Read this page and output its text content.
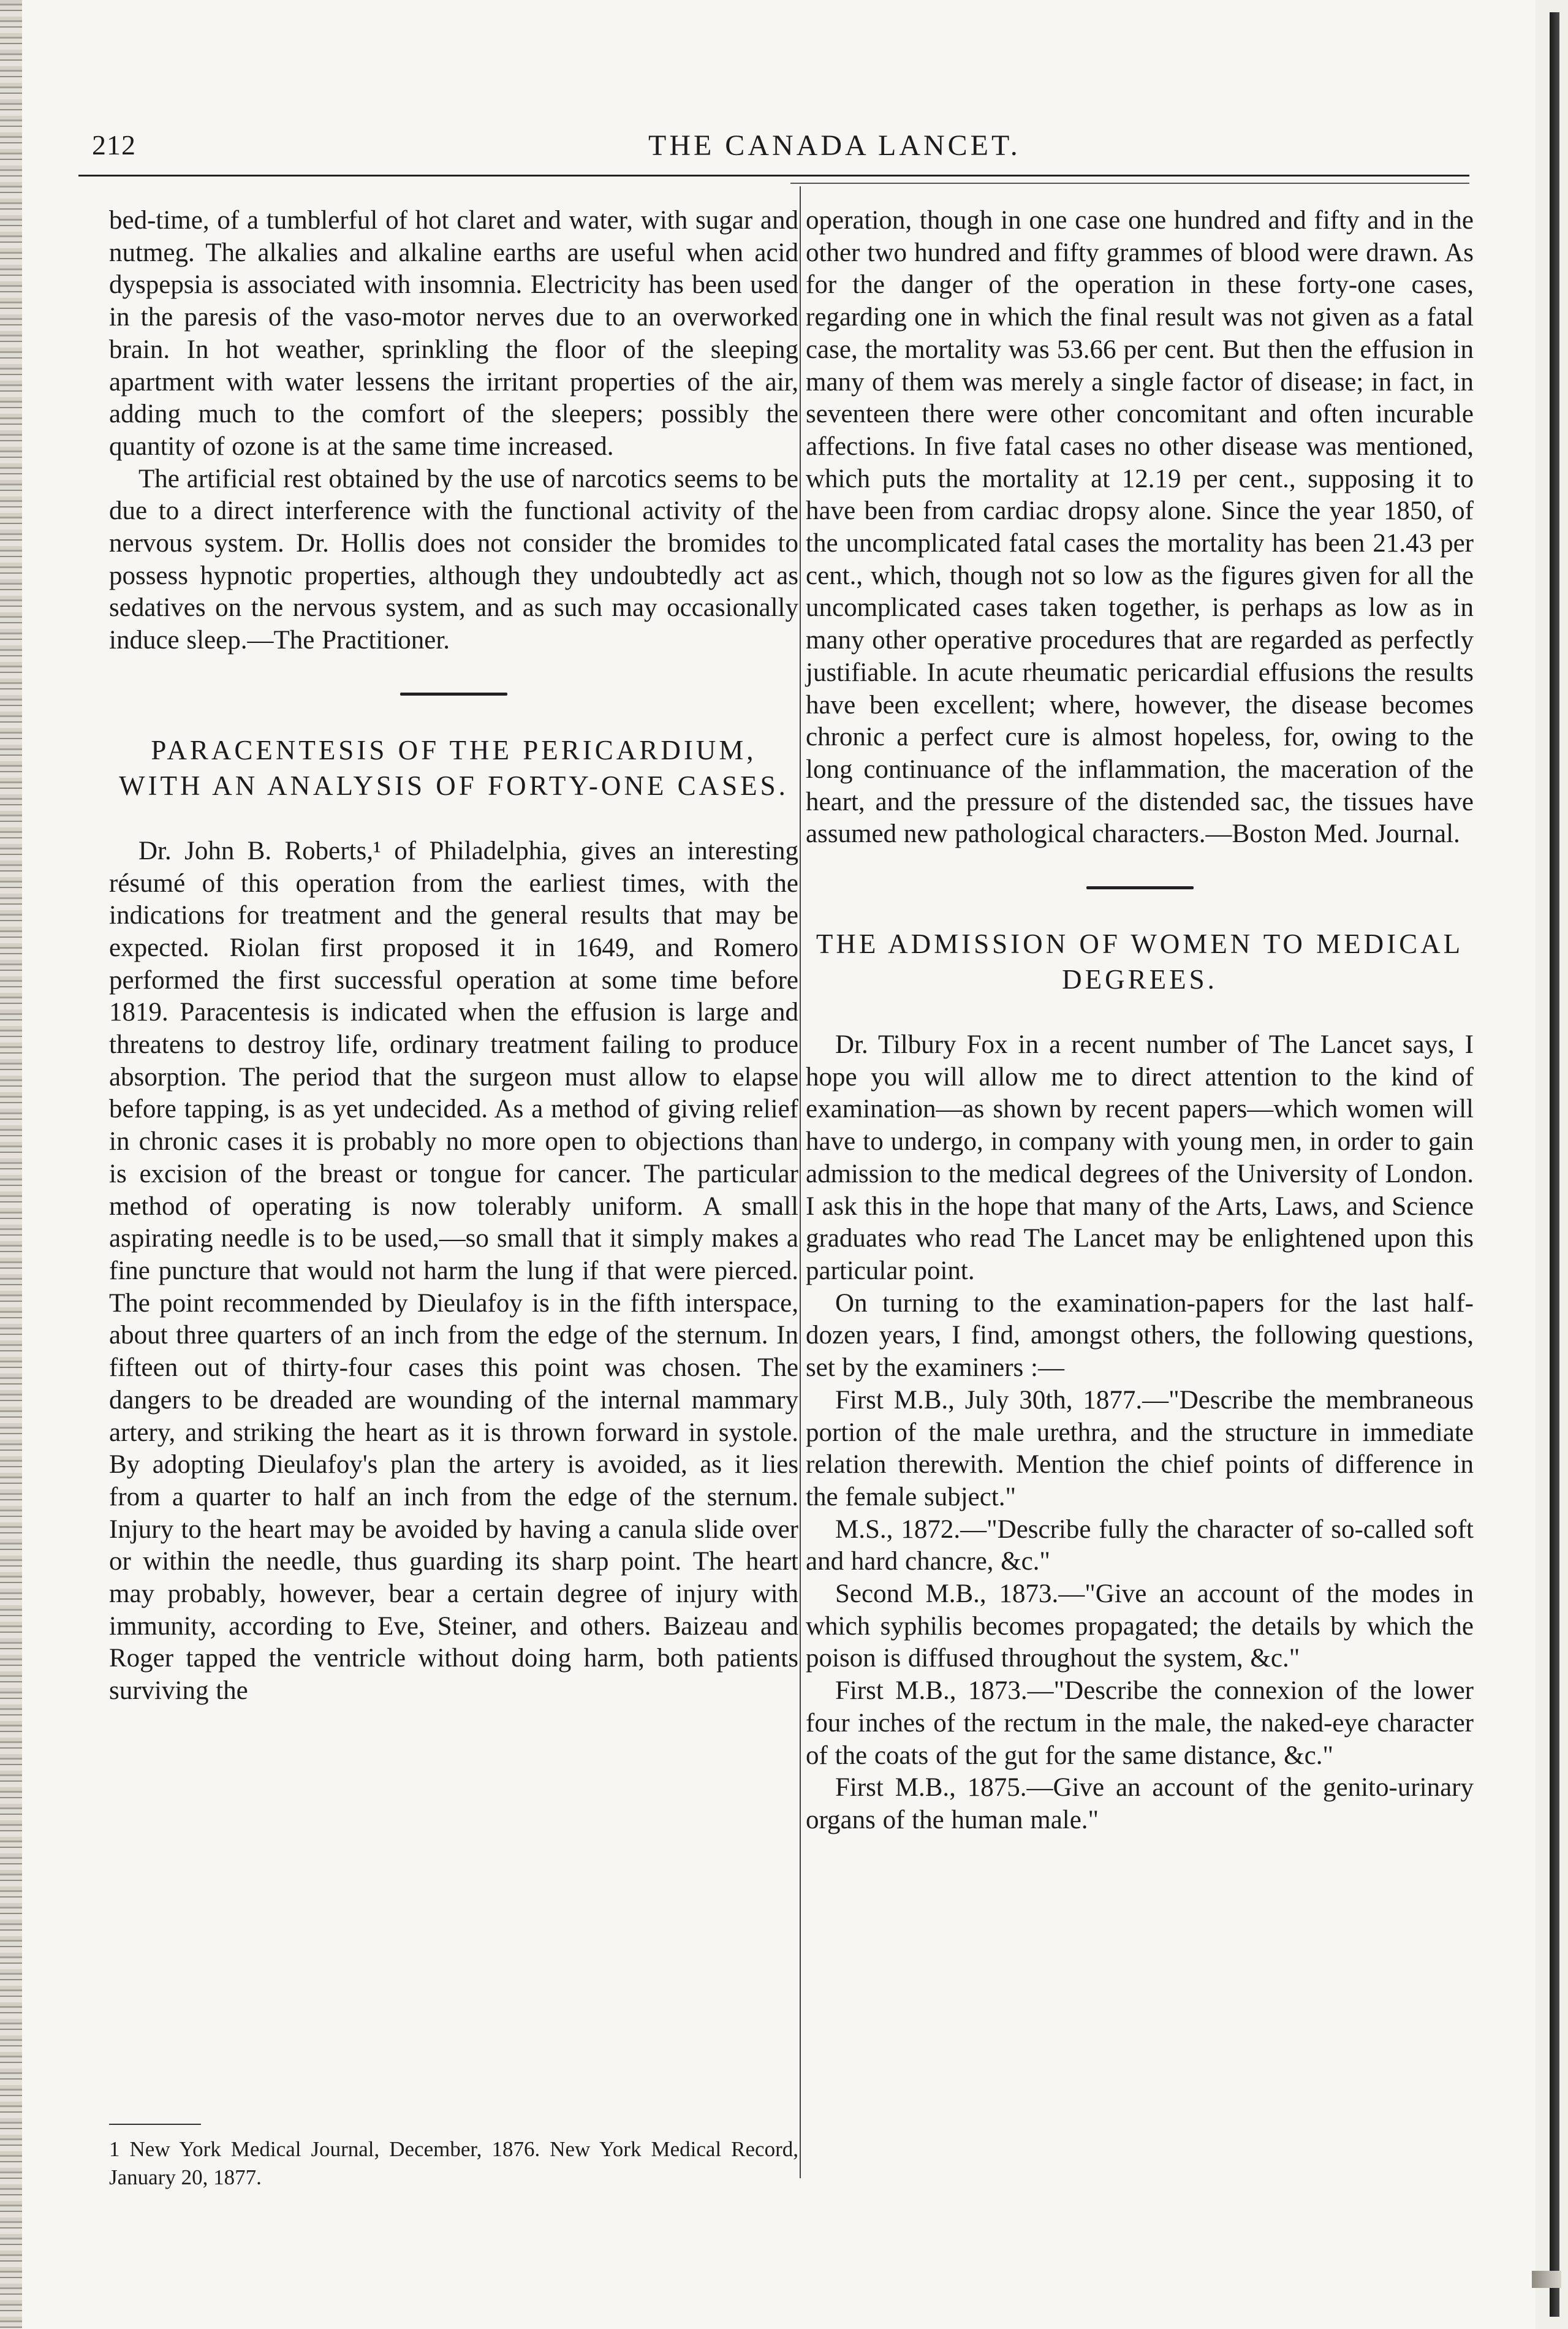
212	THE CANADA LANCET.

bed-time, of a tumblerful of hot claret and water, with sugar and nutmeg. The alkalies and alkaline earths are useful when acid dyspepsia is associated with insomnia. Electricity has been used in the paresis of the vaso-motor nerves due to an overworked brain. In hot weather, sprinkling the floor of the sleeping apartment with water lessens the irritant properties of the air, adding much to the comfort of the sleepers; possibly the quantity of ozone is at the same time increased.

The artificial rest obtained by the use of narcotics seems to be due to a direct interference with the functional activity of the nervous system. Dr. Hollis does not consider the bromides to possess hypnotic properties, although they undoubtedly act as sedatives on the nervous system, and as such may occasionally induce sleep.—The Practitioner.

PARACENTESIS OF THE PERICARDIUM, WITH AN ANALYSIS OF FORTY-ONE CASES.

Dr. John B. Roberts,¹ of Philadelphia, gives an interesting résumé of this operation from the earliest times, with the indications for treatment and the general results that may be expected. Riolan first proposed it in 1649, and Romero performed the first successful operation at some time before 1819. Paracentesis is indicated when the effusion is large and threatens to destroy life, ordinary treatment failing to produce absorption. The period that the surgeon must allow to elapse before tapping, is as yet undecided. As a method of giving relief in chronic cases it is probably no more open to objections than is excision of the breast or tongue for cancer. The particular method of operating is now tolerably uniform. A small aspirating needle is to be used,—so small that it simply makes a fine puncture that would not harm the lung if that were pierced. The point recommended by Dieulafoy is in the fifth interspace, about three quarters of an inch from the edge of the sternum. In fifteen out of thirty-four cases this point was chosen. The dangers to be dreaded are wounding of the internal mammary artery, and striking the heart as it is thrown forward in systole. By adopting Dieulafoy's plan the artery is avoided, as it lies from a quarter to half an inch from the edge of the sternum. Injury to the heart may be avoided by having a canula slide over or within the needle, thus guarding its sharp point. The heart may probably, however, bear a certain degree of injury with immunity, according to Eve, Steiner, and others. Baizeau and Roger tapped the ventricle without doing harm, both patients surviving the

1 New York Medical Journal, December, 1876. New York Medical Record, January 20, 1877.

operation, though in one case one hundred and fifty and in the other two hundred and fifty grammes of blood were drawn. As for the danger of the operation in these forty-one cases, regarding one in which the final result was not given as a fatal case, the mortality was 53.66 per cent. But then the effusion in many of them was merely a single factor of disease; in fact, in seventeen there were other concomitant and often incurable affections. In five fatal cases no other disease was mentioned, which puts the mortality at 12.19 per cent., supposing it to have been from cardiac dropsy alone. Since the year 1850, of the uncomplicated fatal cases the mortality has been 21.43 per cent., which, though not so low as the figures given for all the uncomplicated cases taken together, is perhaps as low as in many other operative procedures that are regarded as perfectly justifiable. In acute rheumatic pericardial effusions the results have been excellent; where, however, the disease becomes chronic a perfect cure is almost hopeless, for, owing to the long continuance of the inflammation, the maceration of the heart, and the pressure of the distended sac, the tissues have assumed new pathological characters.—Boston Med. Journal.

THE ADMISSION OF WOMEN TO MEDICAL DEGREES.

Dr. Tilbury Fox in a recent number of The Lancet says, I hope you will allow me to direct attention to the kind of examination—as shown by recent papers—which women will have to undergo, in company with young men, in order to gain admission to the medical degrees of the University of London. I ask this in the hope that many of the Arts, Laws, and Science graduates who read The Lancet may be enlightened upon this particular point.

On turning to the examination-papers for the last half-dozen years, I find, amongst others, the following questions, set by the examiners :—

First M.B., July 30th, 1877.—"Describe the membraneous portion of the male urethra, and the structure in immediate relation therewith. Mention the chief points of difference in the female subject."

M.S., 1872.—"Describe fully the character of so-called soft and hard chancre, &c."

Second M.B., 1873.—"Give an account of the modes in which syphilis becomes propagated; the details by which the poison is diffused throughout the system, &c."

First M.B., 1873.—"Describe the connexion of the lower four inches of the rectum in the male, the naked-eye character of the coats of the gut for the same distance, &c."

First M.B., 1875.—Give an account of the genito-urinary organs of the human male."
